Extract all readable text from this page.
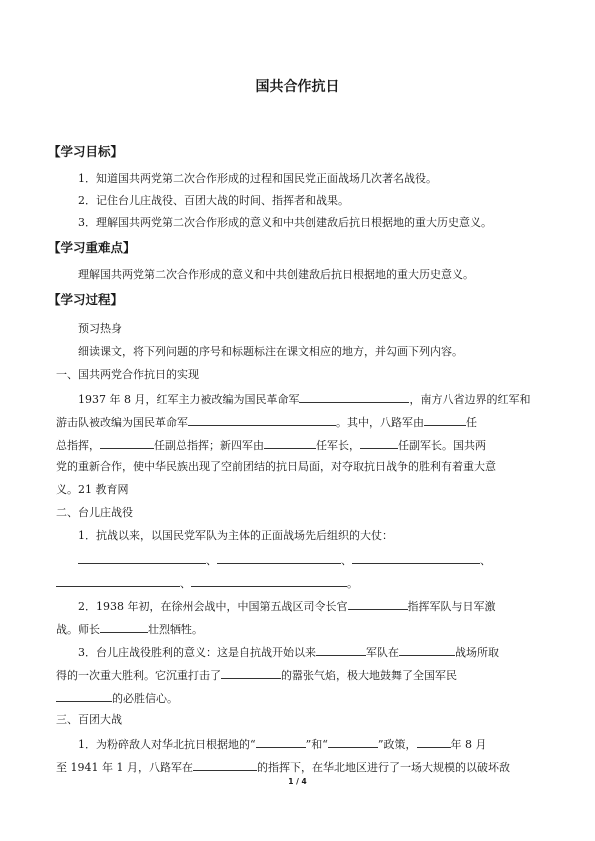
国共合作抗日
【学习目标】
1．知道国共两党第二次合作形成的过程和国民党正面战场几次著名战役。
2．记住台儿庄战役、百团大战的时间、指挥者和战果。
3．理解国共两党第二次合作形成的意义和中共创建敌后抗日根据地的重大历史意义。
【学习重难点】
理解国共两党第二次合作形成的意义和中共创建敌后抗日根据地的重大历史意义。
【学习过程】
预习热身
细读课文，将下列问题的序号和标题标注在课文相应的地方，并勾画下列内容。
一、国共两党合作抗日的实现
1937 年 8 月，红军主力被改编为国民革命军	，南方八省边界的红军和
游击队被改编为国民革命军	。其中，八路军由	任
总指挥，	任副总指挥；新四军由	任军长，	任副军长。国共两
党的重新合作，使中华民族出现了空前团结的抗日局面，对夺取抗日战争的胜利有着重大意
义。21 教育网
二、台儿庄战役
1．抗战以来，以国民党军队为主体的正面战场先后组织的大仗：
、	、	、
、	。
2．1938 年初，在徐州会战中，中国第五战区司令长官	指挥军队与日军激
战。师长	壮烈牺牲。
3．台儿庄战役胜利的意义：这是自抗战开始以来	军队在	战场所取
得的一次重大胜利。它沉重打击了	的嚣张气焰，极大地鼓舞了全国军民
的必胜信心。
三、百团大战
1．为粉碎敌人对华北抗日根据地的“	”和“	”政策，	年 8 月
至 1941 年 1 月，八路军在	的指挥下，在华北地区进行了一场大规模的以破坏敌
1 / 4
